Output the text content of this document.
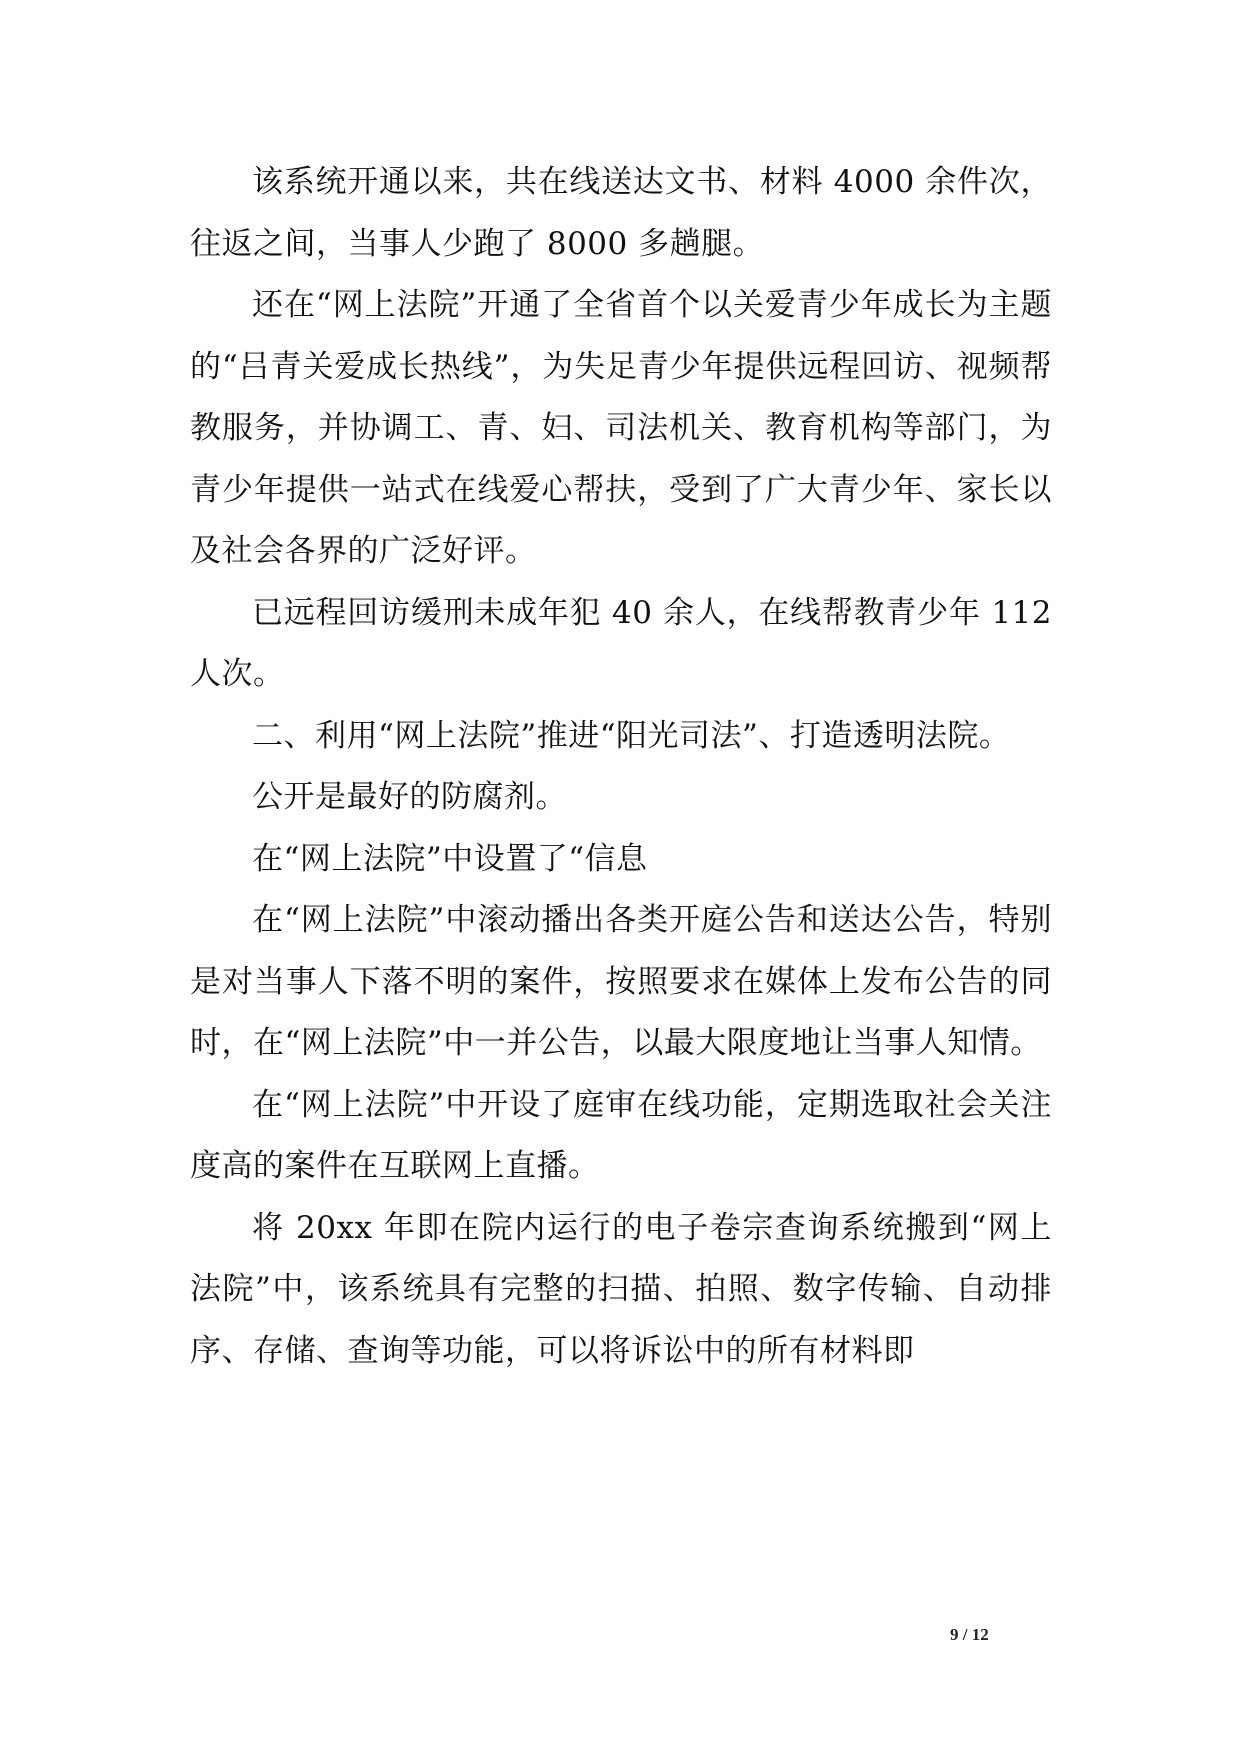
该系统开通以来，共在线送达文书、材料 4000 余件次，往返之间，当事人少跑了 8000 多趟腿。

还在“网上法院”开通了全省首个以关爱青少年成长为主题的“吕青关爱成长热线”，为失足青少年提供远程回访、视频帮教服务，并协调工、青、妇、司法机关、教育机构等部门，为青少年提供一站式在线爱心帮扶，受到了广大青少年、家长以及社会各界的广泛好评。

已远程回访缓刑未成年犯 40 余人，在线帮教青少年 112 人次。

二、利用“网上法院”推进“阳光司法”、打造透明法院。

公开是最好的防腐剂。

在“网上法院”中设置了“信息

在“网上法院”中滚动播出各类开庭公告和送达公告，特别是对当事人下落不明的案件，按照要求在媒体上发布公告的同时，在“网上法院”中一并公告，以最大限度地让当事人知情。

在“网上法院”中开设了庭审在线功能，定期选取社会关注度高的案件在互联网上直播。

将 20xx 年即在院内运行的电子卷宗查询系统搬到“网上法院”中，该系统具有完整的扫描、拍照、数字传输、自动排序、存储、查询等功能，可以将诉讼中的所有材料即

9 / 12
